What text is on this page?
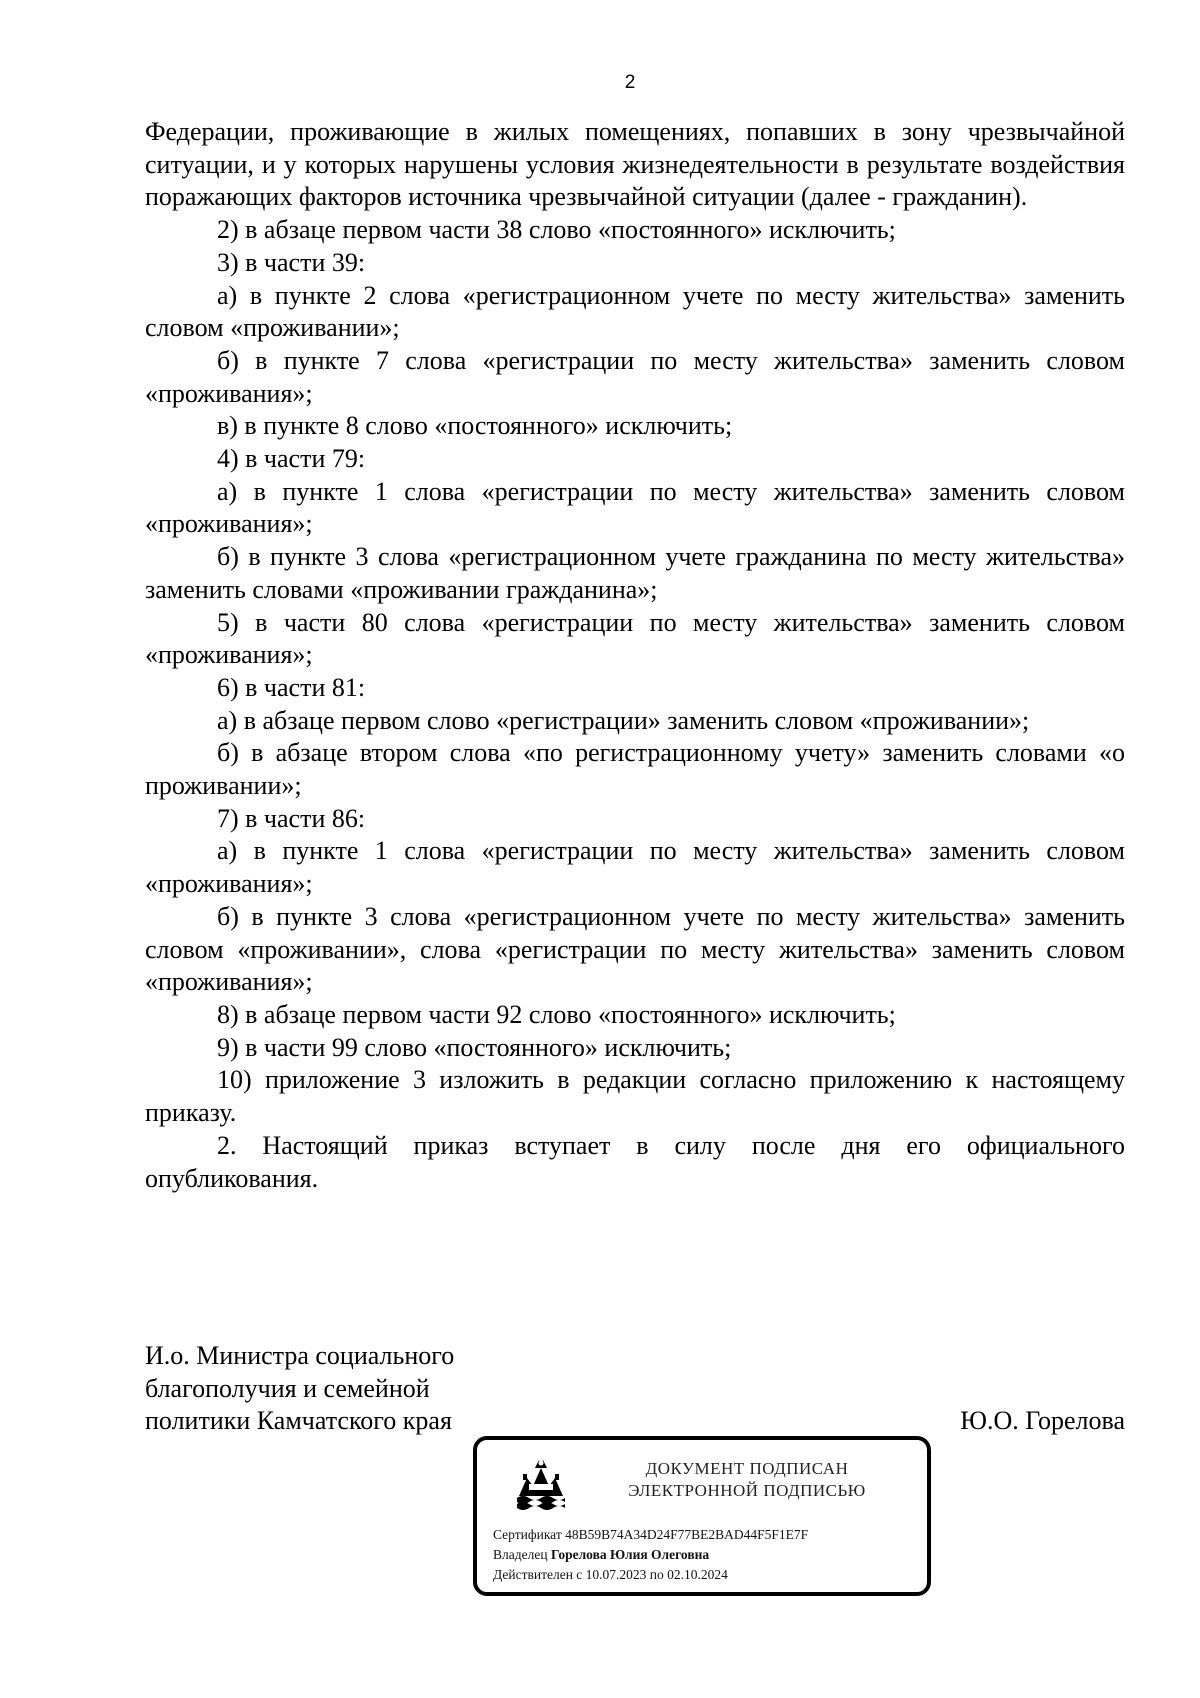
2

Федерации, проживающие в жилых помещениях, попавших в зону чрезвычайной ситуации, и у которых нарушены условия жизнедеятельности в результате воздействия поражающих факторов источника чрезвычайной ситуации (далее - гражданин).

2) в абзаце первом части 38 слово «постоянного» исключить;

3) в части 39:

а) в пункте 2 слова «регистрационном учете по месту жительства» заменить словом «проживании»;

б) в пункте 7 слова «регистрации по месту жительства» заменить словом «проживания»;

в) в пункте 8 слово «постоянного» исключить;

4) в части 79:

а) в пункте 1 слова «регистрации по месту жительства» заменить словом «проживания»;

б) в пункте 3 слова «регистрационном учете гражданина по месту жительства» заменить словами «проживании гражданина»;

5) в части 80 слова «регистрации по месту жительства» заменить словом «проживания»;

6) в части 81:

а) в абзаце первом слово «регистрации» заменить словом «проживании»;

б) в абзаце втором слова «по регистрационному учету» заменить словами «о проживании»;

7) в части 86:

а) в пункте 1 слова «регистрации по месту жительства» заменить словом «проживания»;

б) в пункте 3 слова «регистрационном учете по месту жительства» заменить словом «проживании», слова «регистрации по месту жительства» заменить словом «проживания»;

8) в абзаце первом части 92 слово «постоянного» исключить;

9) в части 99 слово «постоянного» исключить;

10) приложение 3 изложить в редакции согласно приложению к настоящему приказу.

2. Настоящий приказ вступает в силу после дня его официального опубликования.

И.о. Министра социального
благополучия и семейной
политики Камчатского края	Ю.О. Горелова
ДОКУМЕНТ ПОДПИСАН
ЭЛЕКТРОННОЙ ПОДПИСЬЮ
Сертификат 48B59B74A34D24F77BE2BAD44F5F1E7F
Владелец Горелова Юлия Олеговна
Действителен с 10.07.2023 по 02.10.2024
